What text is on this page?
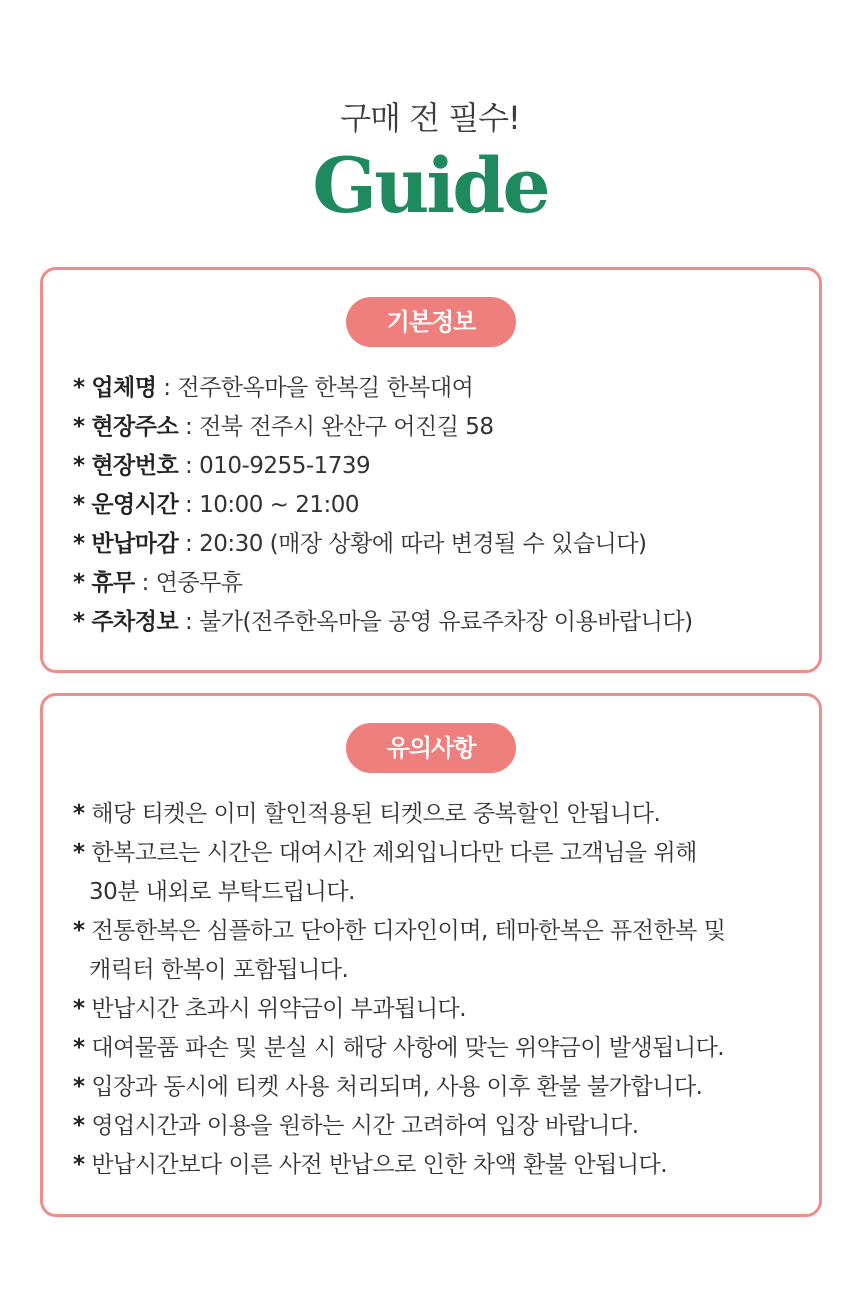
구매 전 필수!
Guide
기본정보
* 업체명 : 전주한옥마을 한복길 한복대여
* 현장주소 : 전북 전주시 완산구 어진길 58
* 현장번호 : 010-9255-1739
* 운영시간 : 10:00 ~ 21:00
* 반납마감 : 20:30 (매장 상황에 따라 변경될 수 있습니다)
* 휴무 : 연중무휴
* 주차정보 : 불가(전주한옥마을 공영 유료주차장 이용바랍니다)
유의사항
* 해당 티켓은 이미 할인적용된 티켓으로 중복할인 안됩니다.
* 한복고르는 시간은 대여시간 제외입니다만 다른 고객님을 위해
30분 내외로 부탁드립니다.
* 전통한복은 심플하고 단아한 디자인이며, 테마한복은 퓨전한복 및
캐릭터 한복이 포함됩니다.
* 반납시간 초과시 위약금이 부과됩니다.
* 대여물품 파손 및 분실 시 해당 사항에 맞는 위약금이 발생됩니다.
* 입장과 동시에 티켓 사용 처리되며, 사용 이후 환불 불가합니다.
* 영업시간과 이용을 원하는 시간 고려하여 입장 바랍니다.
* 반납시간보다 이른 사전 반납으로 인한 차액 환불 안됩니다.
